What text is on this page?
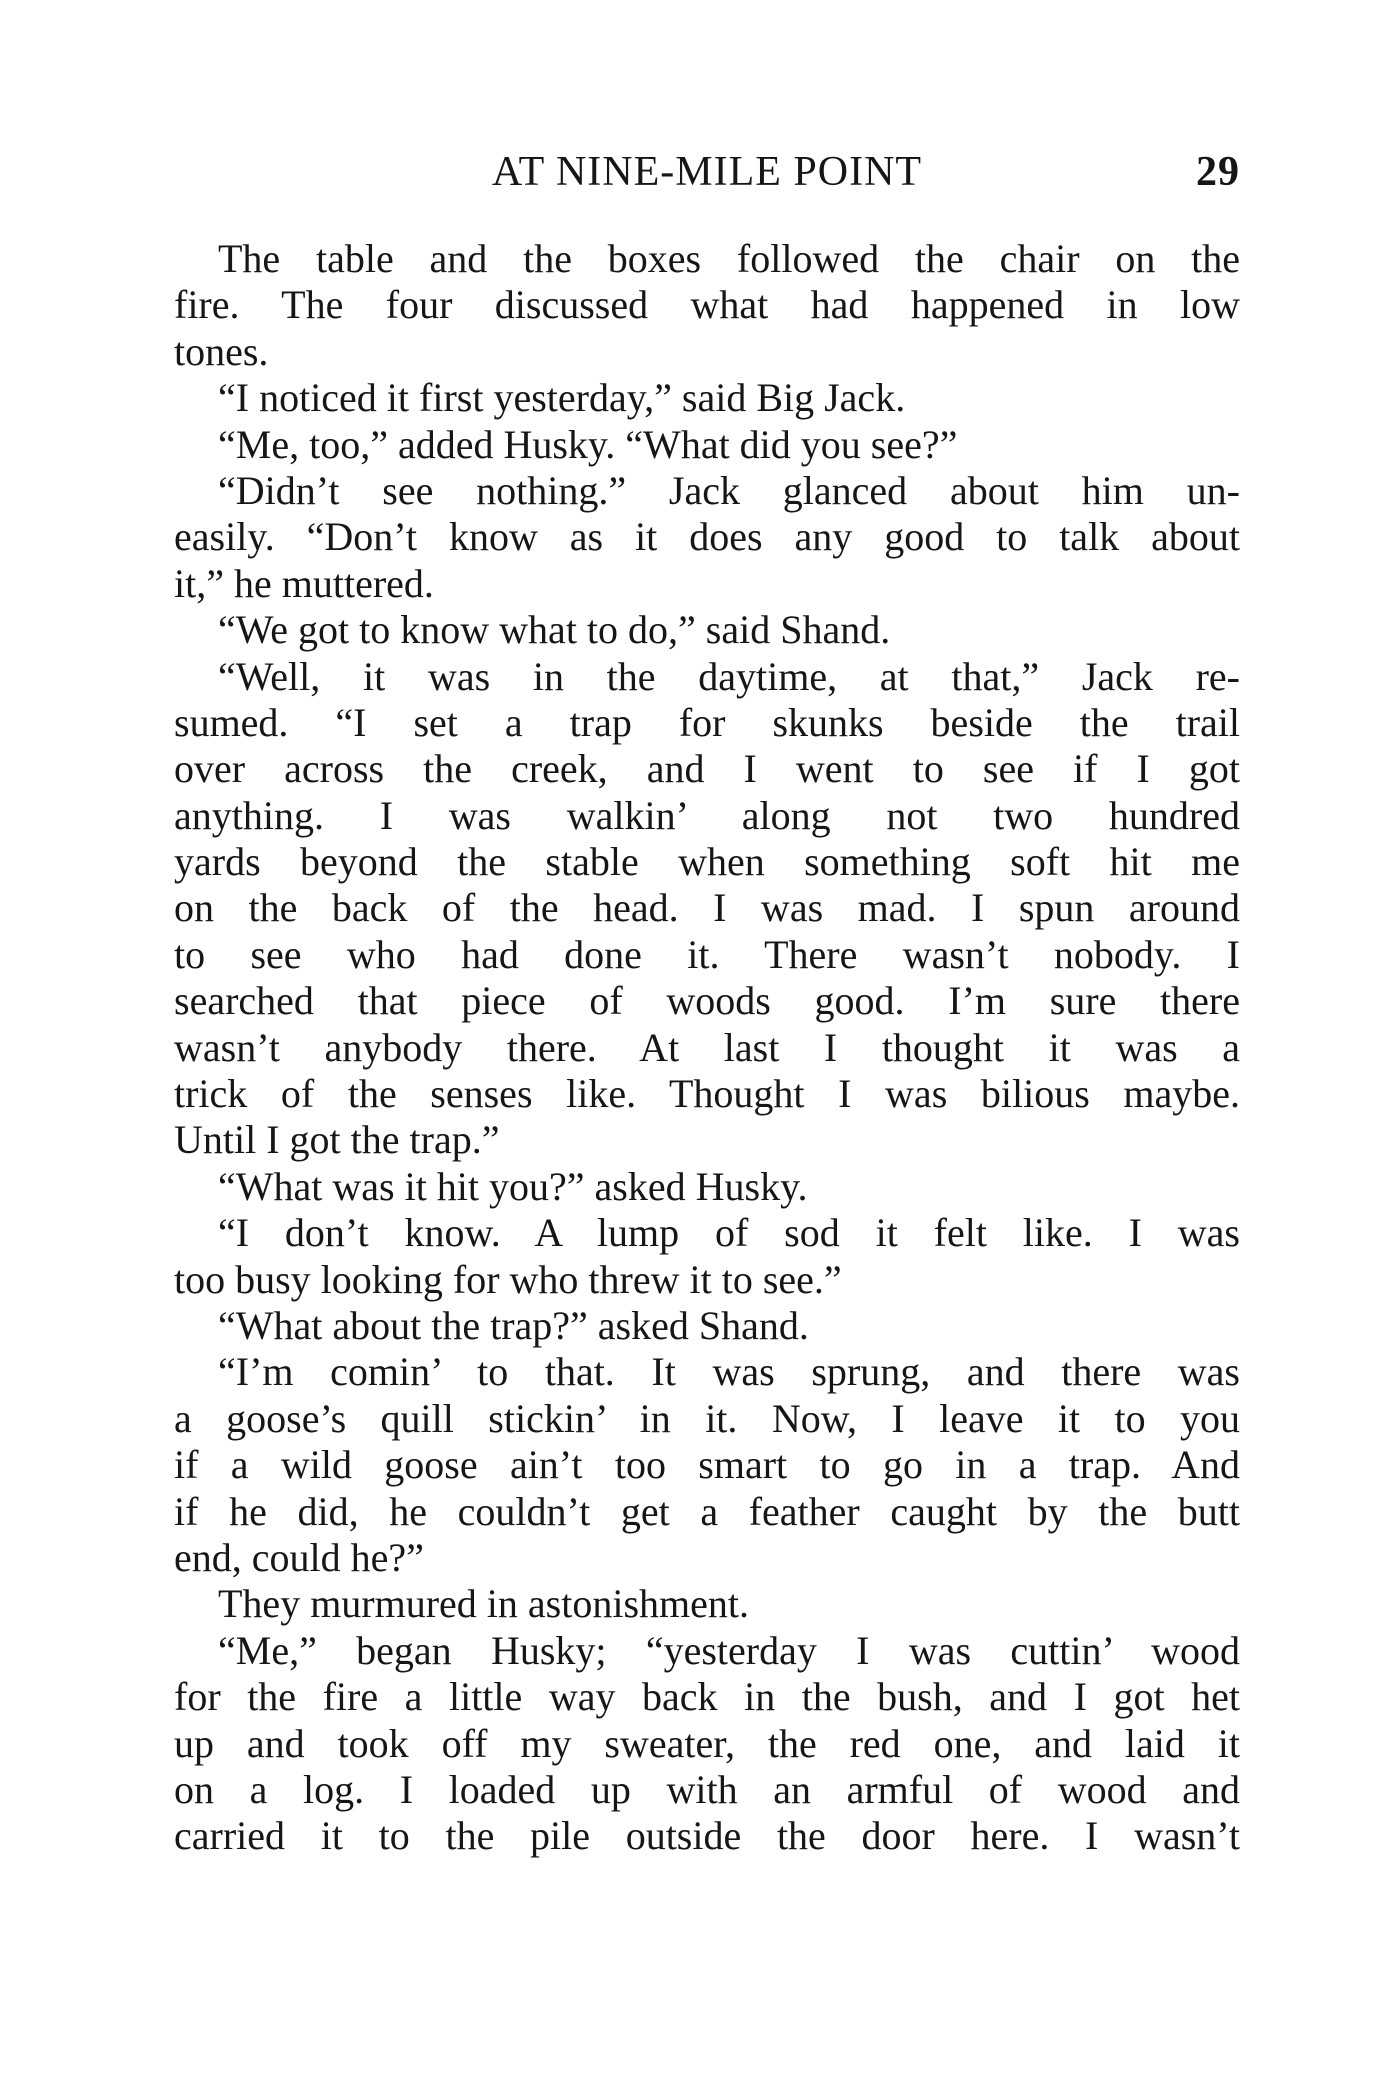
AT NINE-MILE POINT	29
The table and the boxes followed the chair on the
fire. The four discussed what had happened in low
tones.
“I noticed it first yesterday,” said Big Jack.
“Me, too,” added Husky. “What did you see?”
“Didn’t see nothing.” Jack glanced about him un-
easily. “Don’t know as it does any good to talk about
it,” he muttered.
“We got to know what to do,” said Shand.
“Well, it was in the daytime, at that,” Jack re-
sumed. “I set a trap for skunks beside the trail
over across the creek, and I went to see if I got
anything. I was walkin’ along not two hundred
yards beyond the stable when something soft hit me
on the back of the head. I was mad. I spun around
to see who had done it. There wasn’t nobody. I
searched that piece of woods good. I’m sure there
wasn’t anybody there. At last I thought it was a
trick of the senses like. Thought I was bilious maybe.
Until I got the trap.”
“What was it hit you?” asked Husky.
“I don’t know. A lump of sod it felt like. I was
too busy looking for who threw it to see.”
“What about the trap?” asked Shand.
“I’m comin’ to that. It was sprung, and there was
a goose’s quill stickin’ in it. Now, I leave it to you
if a wild goose ain’t too smart to go in a trap. And
if he did, he couldn’t get a feather caught by the butt
end, could he?”
They murmured in astonishment.
“Me,” began Husky; “yesterday I was cuttin’ wood
for the fire a little way back in the bush, and I got het
up and took off my sweater, the red one, and laid it
on a log. I loaded up with an armful of wood and
carried it to the pile outside the door here. I wasn’t
